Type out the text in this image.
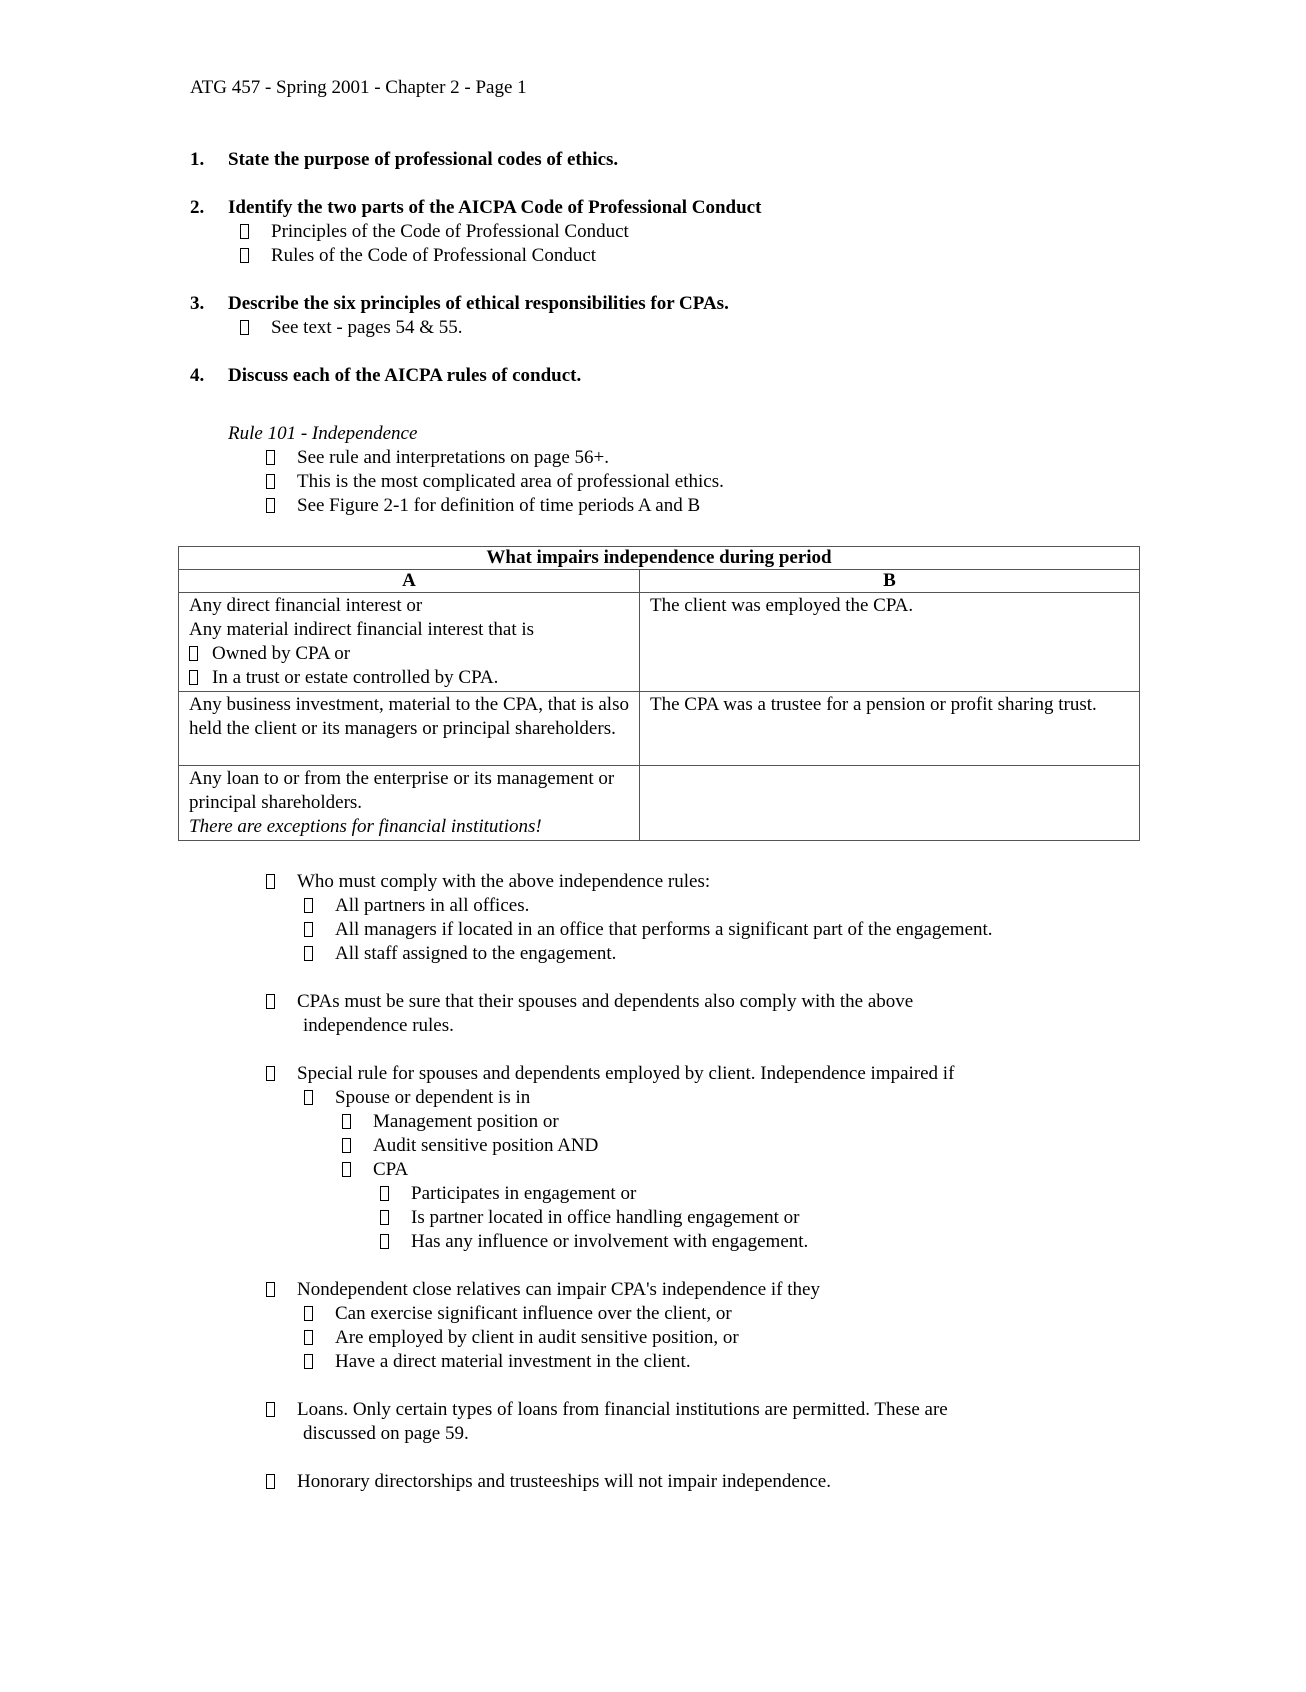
ATG 457 - Spring 2001 - Chapter 2 - Page 1
1. State the purpose of professional codes of ethics.
2. Identify the two parts of the AICPA Code of Professional Conduct
Principles of the Code of Professional Conduct
Rules of the Code of Professional Conduct
3. Describe the six principles of ethical responsibilities for CPAs.
See text - pages 54 & 55.
4. Discuss each of the AICPA rules of conduct.
Rule 101 - Independence
See rule and interpretations on page 56+.
This is the most complicated area of professional ethics.
See Figure 2-1 for definition of time periods A and B
What impairs independence during period	
A	B

Any direct financial interest or
Any material indirect financial interest that is
Owned by CPA or
In a trust or estate controlled by CPA.	The client was employed the CPA.
Any business investment, material to the CPA, that is also held the client or its managers or principal shareholders.	The CPA was a trustee for a pension or profit sharing trust.

Any loan to or from the enterprise or its management or principal shareholders.
There are exceptions for financial institutions!	

Who must comply with the above independence rules:
All partners in all offices.
All managers if located in an office that performs a significant part of the engagement.
All staff assigned to the engagement.
CPAs must be sure that their spouses and dependents also comply with the above
independence rules.
Special rule for spouses and dependents employed by client. Independence impaired if
Spouse or dependent is in
Management position or
Audit sensitive position AND
CPA
Participates in engagement or
Is partner located in office handling engagement or
Has any influence or involvement with engagement.
Nondependent close relatives can impair CPA's independence if they
Can exercise significant influence over the client, or
Are employed by client in audit sensitive position, or
Have a direct material investment in the client.
Loans. Only certain types of loans from financial institutions are permitted. These are
discussed on page 59.
Honorary directorships and trusteeships will not impair independence.
